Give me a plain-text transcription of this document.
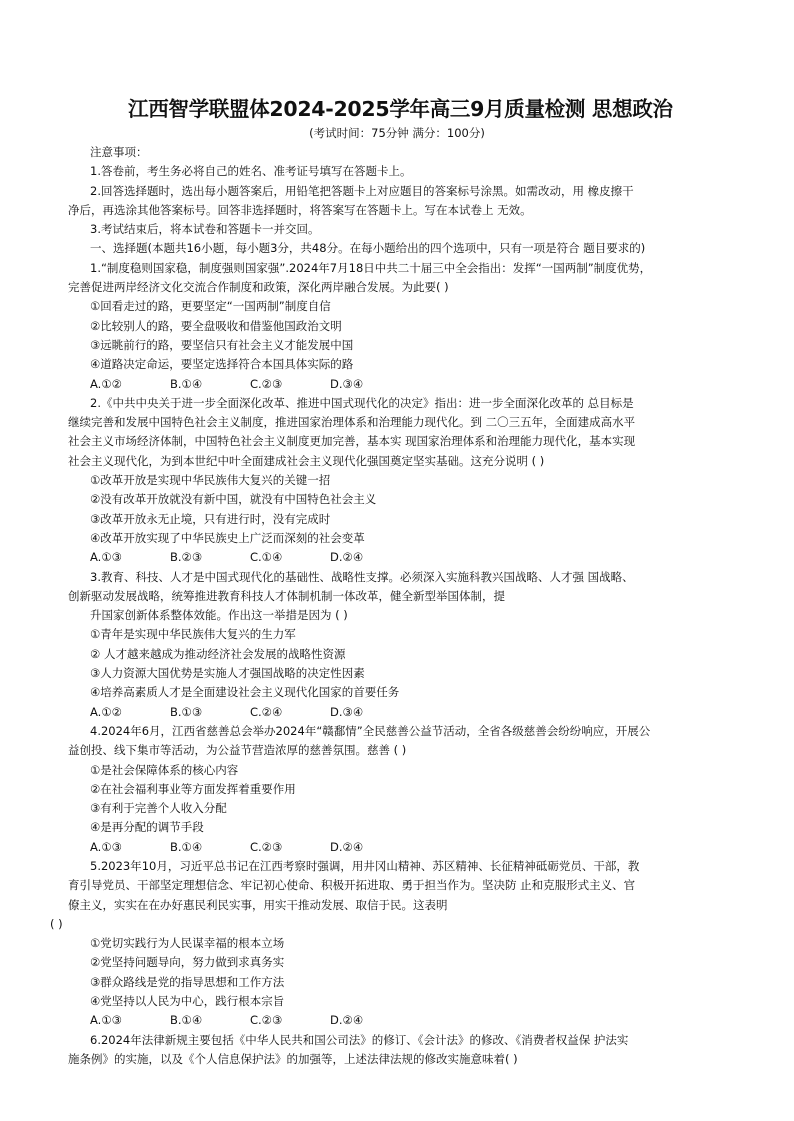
江西智学联盟体2024-2025学年高三9月质量检测 思想政治
(考试时间：75分钟 满分：100分)
注意事项：
1.答卷前，考生务必将自己的姓名、准考证号填写在答题卡上。
2.回答选择题时，选出每小题答案后，用铅笔把答题卡上对应题目的答案标号涂黑。如需改动，用 橡皮擦干
净后，再选涂其他答案标号。回答非选择题时，将答案写在答题卡上。写在本试卷上 无效。
3.考试结束后，将本试卷和答题卡一并交回。
一、选择题(本题共16小题，每小题3分，共48分。在每小题给出的四个选项中，只有一项是符合 题目要求的)
1.“制度稳则国家稳，制度强则国家强”.2024年7月18日中共二十届三中全会指出：发挥“一国两制”制度优势，
完善促进两岸经济文化交流合作制度和政策，深化两岸融合发展。为此要( )
①回看走过的路，更要坚定“一国两制”制度自信
②比较别人的路，要全盘吸收和借鉴他国政治文明
③远眺前行的路，要坚信只有社会主义才能发展中国
④道路决定命运，要坚定选择符合本国具体实际的路
A.①②	B.①④	C.②③	D.③④
2.《中共中央关于进一步全面深化改革、推进中国式现代化的决定》指出：进一步全面深化改革的 总目标是
继续完善和发展中国特色社会主义制度，推进国家治理体系和治理能力现代化。到 二〇三五年，全面建成高水平
社会主义市场经济体制，中国特色社会主义制度更加完善，基本实 现国家治理体系和治理能力现代化，基本实现
社会主义现代化，为到本世纪中叶全面建成社会主义现代化强国奠定坚实基础。这充分说明 ( )
①改革开放是实现中华民族伟大复兴的关键一招
②没有改革开放就没有新中国，就没有中国特色社会主义
③改革开放永无止境，只有进行时，没有完成时
④改革开放实现了中华民族史上广泛而深刻的社会变革
A.①③	B.②③	C.①④	D.②④
3.教育、科技、人才是中国式现代化的基础性、战略性支撑。必须深入实施科教兴国战略、人才强 国战略、
创新驱动发展战略，统筹推进教育科技人才体制机制一体改革，健全新型举国体制，提
升国家创新体系整体效能。作出这一举措是因为 ( )
①青年是实现中华民族伟大复兴的生力军
② 人才越来越成为推动经济社会发展的战略性资源
③人力资源大国优势是实施人才强国战略的决定性因素
④培养高素质人才是全面建设社会主义现代化国家的首要任务
A.①②	B.①③	C.②④	D.③④
4.2024年6月，江西省慈善总会举办2024年“赣鄱情”全民慈善公益节活动，全省各级慈善会纷纷响应，开展公
益创投、线下集市等活动，为公益节营造浓厚的慈善氛围。慈善 ( )
①是社会保障体系的核心内容
②在社会福利事业等方面发挥着重要作用
③有利于完善个人收入分配
④是再分配的调节手段
A.①③	B.①④	C.②③	D.②④
5.2023年10月，习近平总书记在江西考察时强调，用井冈山精神、苏区精神、长征精神砥砺党员、干部，教
育引导党员、干部坚定理想信念、牢记初心使命、积极开拓进取、勇于担当作为。坚决防 止和克服形式主义、官
僚主义，实实在在办好惠民利民实事，用实干推动发展、取信于民。这表明
( )
①党切实践行为人民谋幸福的根本立场
②党坚持问题导向，努力做到求真务实
③群众路线是党的指导思想和工作方法
④党坚持以人民为中心，践行根本宗旨
A.①③	B.①④	C.②③	D.②④
6.2024年法律新规主要包括《中华人民共和国公司法》的修订、《会计法》的修改、《消费者权益保 护法实
施条例》的实施，以及《个人信息保护法》的加强等，上述法律法规的修改实施意味着( )
